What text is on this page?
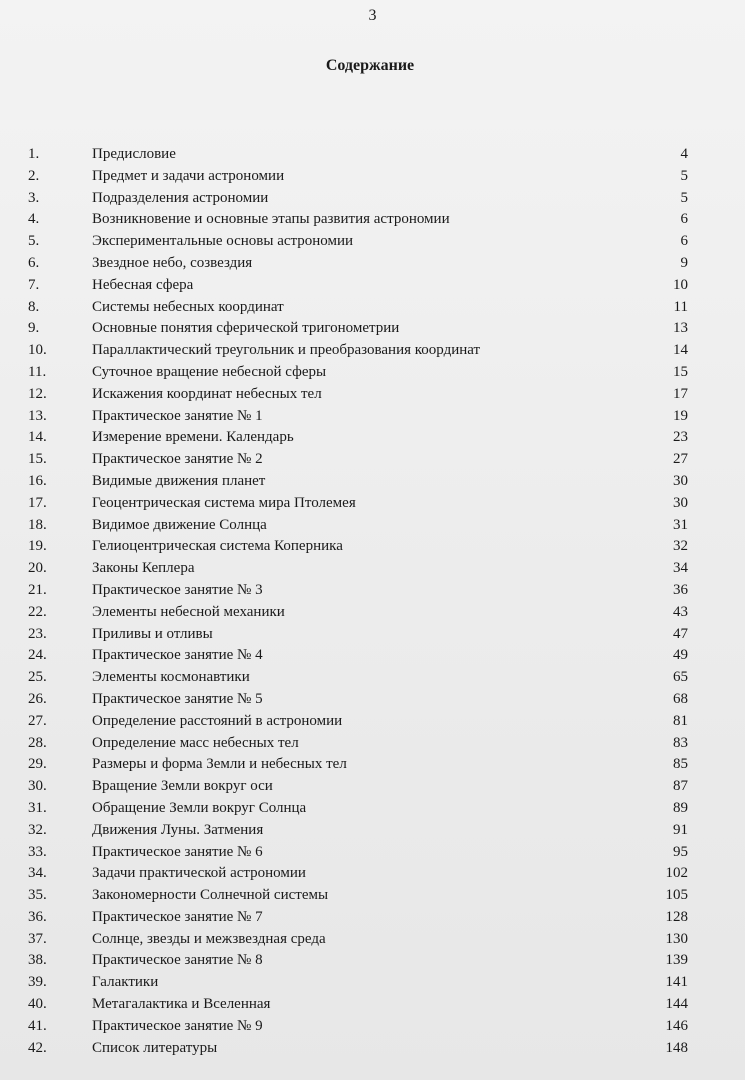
3
Содержание
1.	Предисловие	4
2.	Предмет и задачи астрономии	5
3.	Подразделения астрономии	5
4.	Возникновение и основные этапы развития астрономии	6
5.	Экспериментальные основы астрономии	6
6.	Звездное небо, созвездия	9
7.	Небесная сфера	10
8.	Системы небесных координат	11
9.	Основные понятия сферической тригонометрии	13
10.	Параллактический треугольник и преобразования координат	14
11.	Суточное вращение небесной сферы	15
12.	Искажения координат небесных тел	17
13.	Практическое занятие № 1	19
14.	Измерение времени. Календарь	23
15.	Практическое занятие № 2	27
16.	Видимые движения планет	30
17.	Геоцентрическая система мира Птолемея	30
18.	Видимое движение Солнца	31
19.	Гелиоцентрическая система Коперника	32
20.	Законы Кеплера	34
21.	Практическое занятие № 3	36
22.	Элементы небесной механики	43
23.	Приливы и отливы	47
24.	Практическое занятие № 4	49
25.	Элементы космонавтики	65
26.	Практическое занятие № 5	68
27.	Определение расстояний в астрономии	81
28.	Определение масс небесных тел	83
29.	Размеры и форма Земли и небесных тел	85
30.	Вращение Земли вокруг оси	87
31.	Обращение Земли вокруг Солнца	89
32.	Движения Луны. Затмения	91
33.	Практическое занятие № 6	95
34.	Задачи практической астрономии	102
35.	Закономерности Солнечной системы	105
36.	Практическое занятие № 7	128
37.	Солнце, звезды и межзвездная среда	130
38.	Практическое занятие № 8	139
39.	Галактики	141
40.	Метагалактика и Вселенная	144
41.	Практическое занятие № 9	146
42.	Список литературы	148
